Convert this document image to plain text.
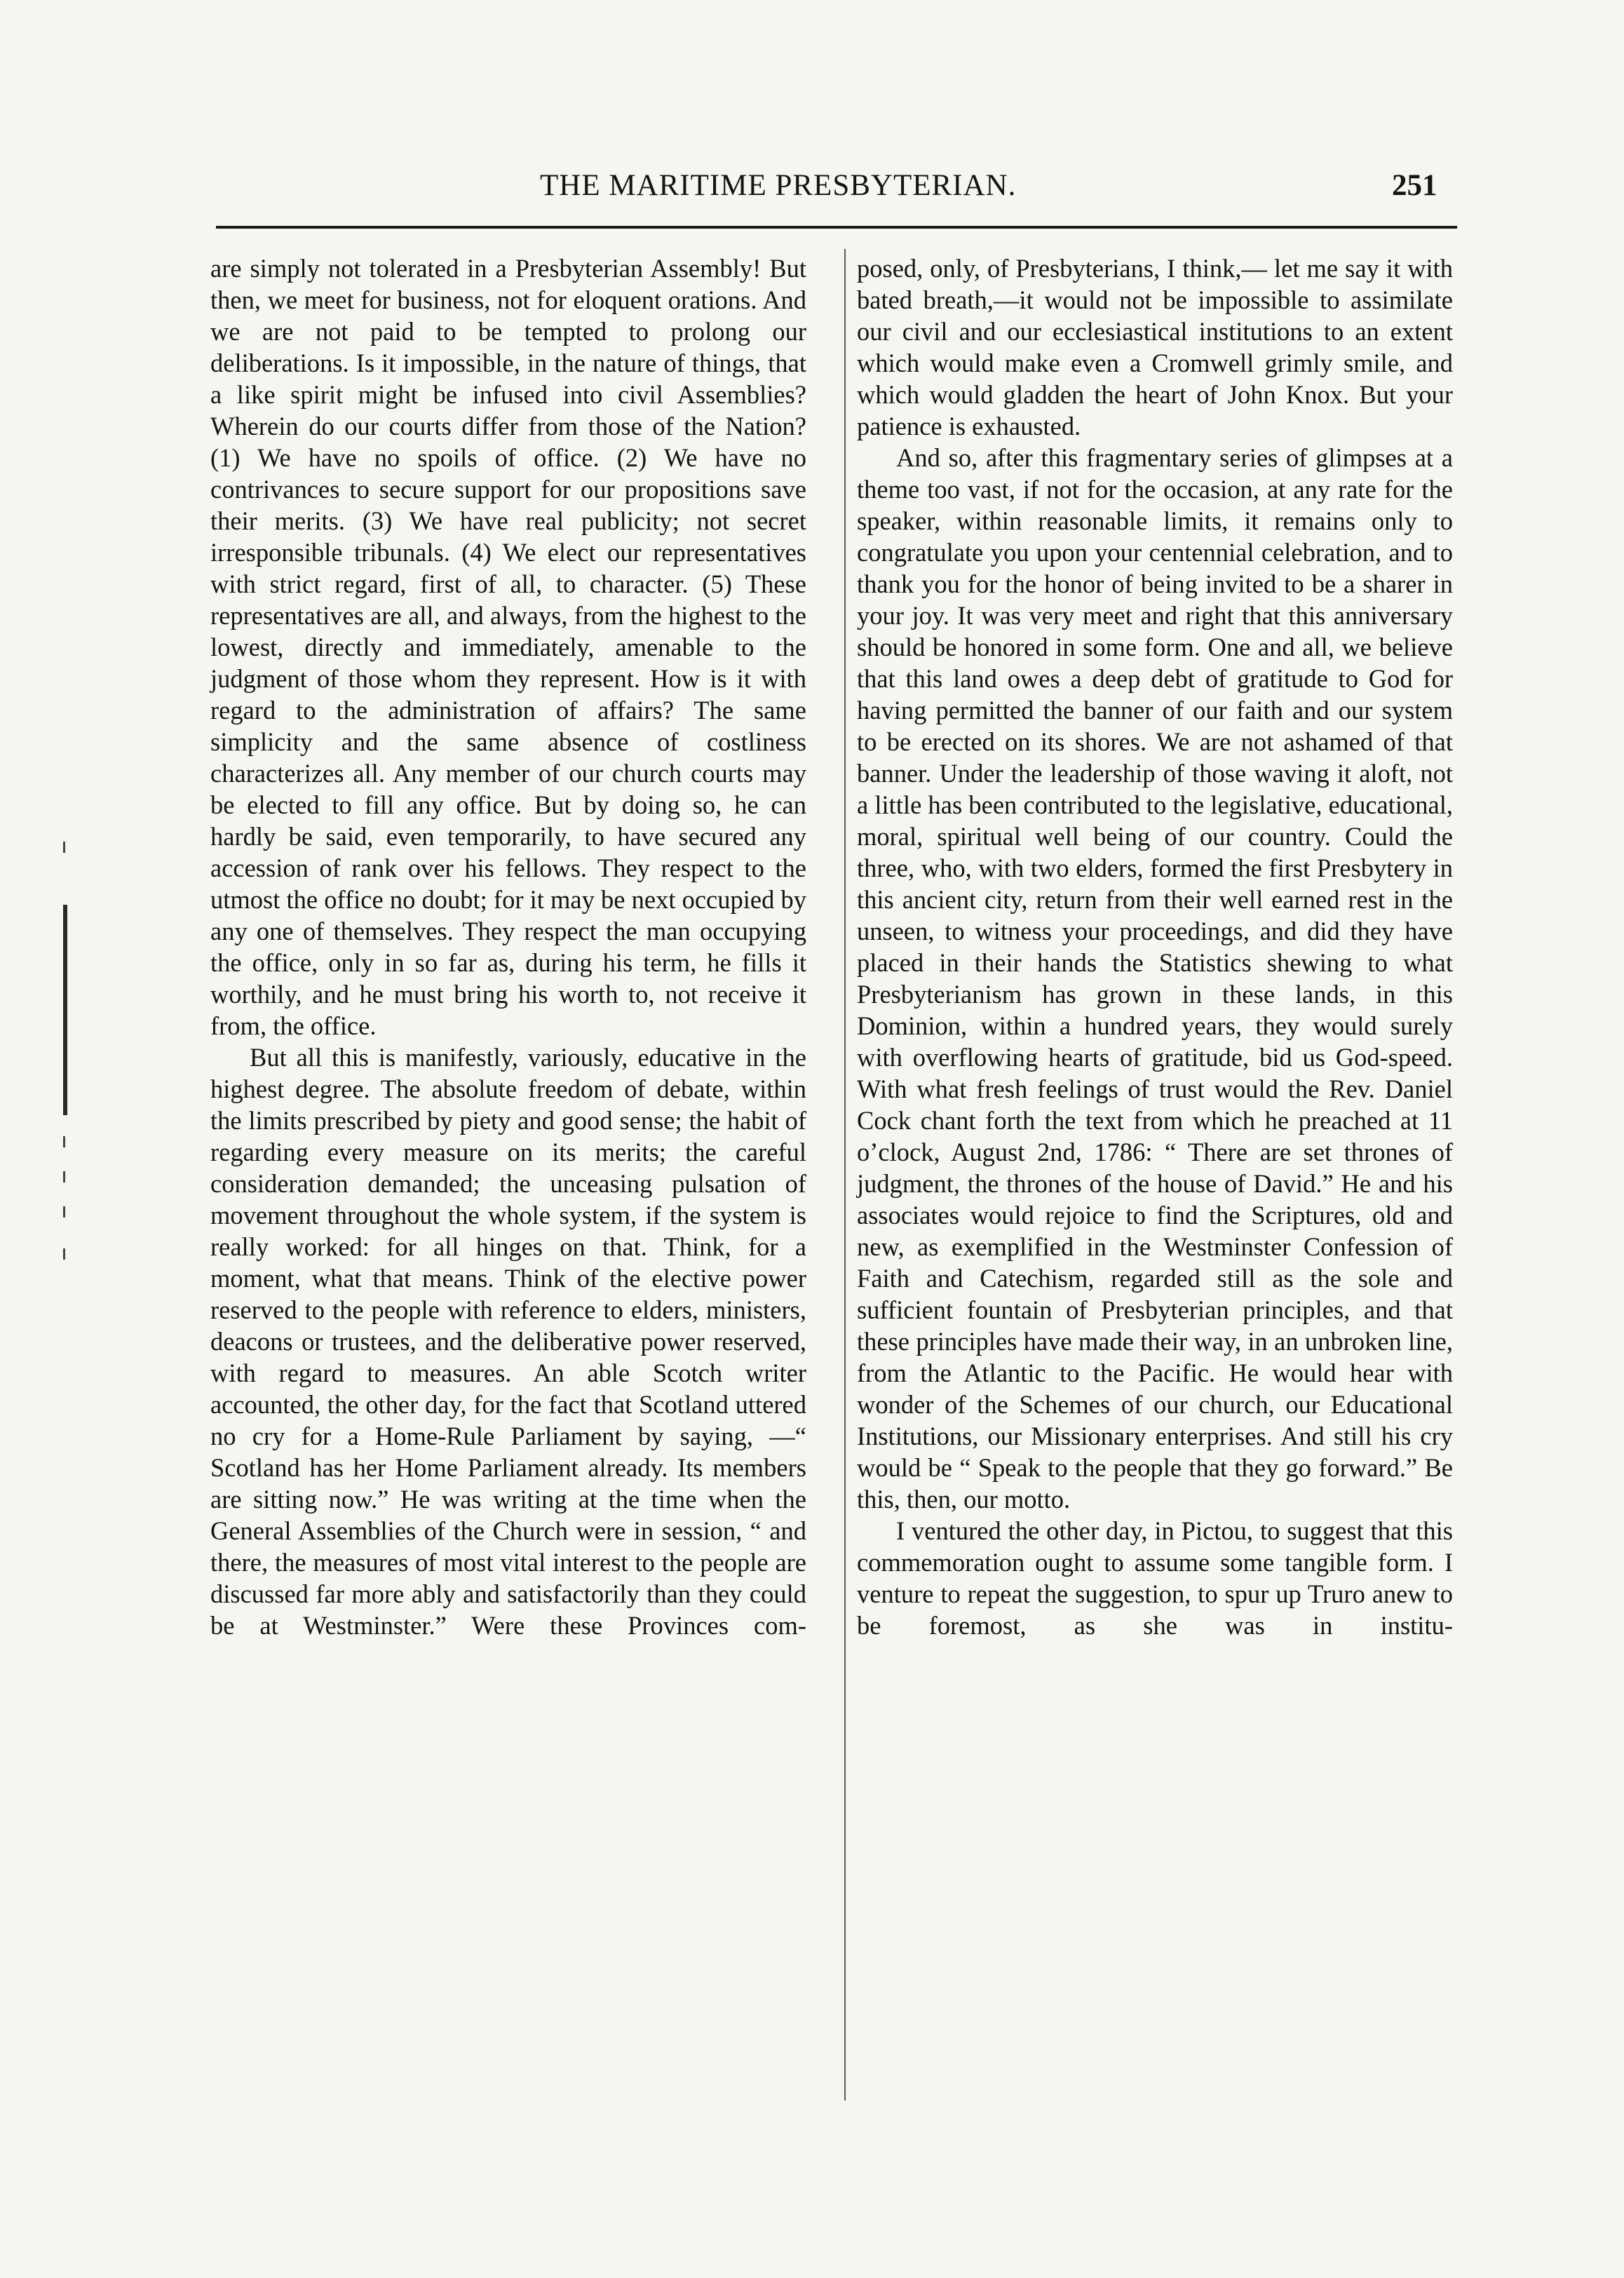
THE MARITIME PRESBYTERIAN.	251

are simply not tolerated in a Presbyterian Assembly! But then, we meet for business, not for eloquent orations. And we are not paid to be tempted to prolong our deliberations. Is it impossible, in the nature of things, that a like spirit might be infused into civil Assemblies? Wherein do our courts differ from those of the Nation? (1) We have no spoils of office. (2) We have no contrivances to secure support for our propositions save their merits. (3) We have real publicity; not secret irresponsible tribunals. (4) We elect our representatives with strict regard, first of all, to character. (5) These representatives are all, and always, from the highest to the lowest, directly and immediately, amenable to the judgment of those whom they represent. How is it with regard to the administration of affairs? The same simplicity and the same absence of costliness characterizes all. Any member of our church courts may be elected to fill any office. But by doing so, he can hardly be said, even temporarily, to have secured any accession of rank over his fellows. They respect to the utmost the office no doubt; for it may be next occupied by any one of themselves. They respect the man occupying the office, only in so far as, during his term, he fills it worthily, and he must bring his worth to, not receive it from, the office.

But all this is manifestly, variously, educative in the highest degree. The absolute freedom of debate, within the limits prescribed by piety and good sense; the habit of regarding every measure on its merits; the careful consideration demanded; the unceasing pulsation of movement throughout the whole system, if the system is really worked: for all hinges on that. Think, for a moment, what that means. Think of the elective power reserved to the people with reference to elders, ministers, deacons or trustees, and the deliberative power reserved, with regard to measures. An able Scotch writer accounted, the other day, for the fact that Scotland uttered no cry for a Home-Rule Parliament by saying, —“ Scotland has her Home Parliament already. Its members are sitting now.” He was writing at the time when the General Assemblies of the Church were in session, “ and there, the measures of most vital interest to the people are discussed far more ably and satisfactorily than they could be at Westminster.” Were these Provinces com-

posed, only, of Presbyterians, I think,— let me say it with bated breath,—it would not be impossible to assimilate our civil and our ecclesiastical institutions to an extent which would make even a Cromwell grimly smile, and which would gladden the heart of John Knox. But your patience is exhausted.

And so, after this fragmentary series of glimpses at a theme too vast, if not for the occasion, at any rate for the speaker, within reasonable limits, it remains only to congratulate you upon your centennial celebration, and to thank you for the honor of being invited to be a sharer in your joy. It was very meet and right that this anniversary should be honored in some form. One and all, we believe that this land owes a deep debt of gratitude to God for having permitted the banner of our faith and our system to be erected on its shores. We are not ashamed of that banner. Under the leadership of those waving it aloft, not a little has been contributed to the legislative, educational, moral, spiritual well being of our country. Could the three, who, with two elders, formed the first Presbytery in this ancient city, return from their well earned rest in the unseen, to witness your proceedings, and did they have placed in their hands the Statistics shewing to what Presbyterianism has grown in these lands, in this Dominion, within a hundred years, they would surely with overflowing hearts of gratitude, bid us God-speed. With what fresh feelings of trust would the Rev. Daniel Cock chant forth the text from which he preached at 11 o’clock, August 2nd, 1786: “ There are set thrones of judgment, the thrones of the house of David.” He and his associates would rejoice to find the Scriptures, old and new, as exemplified in the Westminster Confession of Faith and Catechism, regarded still as the sole and sufficient fountain of Presbyterian principles, and that these principles have made their way, in an unbroken line, from the Atlantic to the Pacific. He would hear with wonder of the Schemes of our church, our Educational Institutions, our Missionary enterprises. And still his cry would be “ Speak to the people that they go forward.” Be this, then, our motto.

I ventured the other day, in Pictou, to suggest that this commemoration ought to assume some tangible form. I venture to repeat the suggestion, to spur up Truro anew to be foremost, as she was in institu-
